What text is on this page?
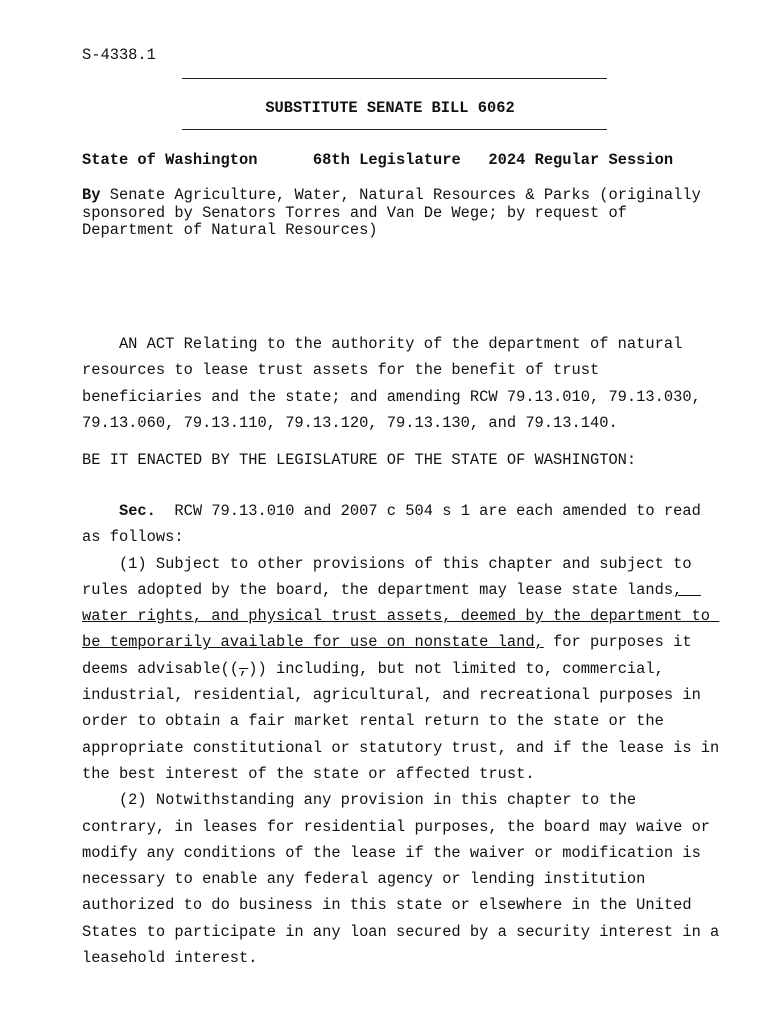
S-4338.1
SUBSTITUTE SENATE BILL 6062
State of Washington	68th Legislature 2024 Regular Session
By Senate Agriculture, Water, Natural Resources & Parks (originally sponsored by Senators Torres and Van De Wege; by request of Department of Natural Resources)
AN ACT Relating to the authority of the department of natural
resources to lease trust assets for the benefit of trust
beneficiaries and the state; and amending RCW 79.13.010, 79.13.030,
79.13.060, 79.13.110, 79.13.120, 79.13.130, and 79.13.140.
BE IT ENACTED BY THE LEGISLATURE OF THE STATE OF WASHINGTON:
Sec.  RCW 79.13.010 and 2007 c 504 s 1 are each amended to read
as follows:
(1) Subject to other provisions of this chapter and subject to
rules adopted by the board, the department may lease state lands,
water rights, and physical trust assets, deemed by the department to
be temporarily available for use on nonstate land, for purposes it
deems advisable((,)) including, but not limited to, commercial,
industrial, residential, agricultural, and recreational purposes in
order to obtain a fair market rental return to the state or the
appropriate constitutional or statutory trust, and if the lease is in
the best interest of the state or affected trust.
(2) Notwithstanding any provision in this chapter to the
contrary, in leases for residential purposes, the board may waive or
modify any conditions of the lease if the waiver or modification is
necessary to enable any federal agency or lending institution
authorized to do business in this state or elsewhere in the United
States to participate in any loan secured by a security interest in a
leasehold interest.
